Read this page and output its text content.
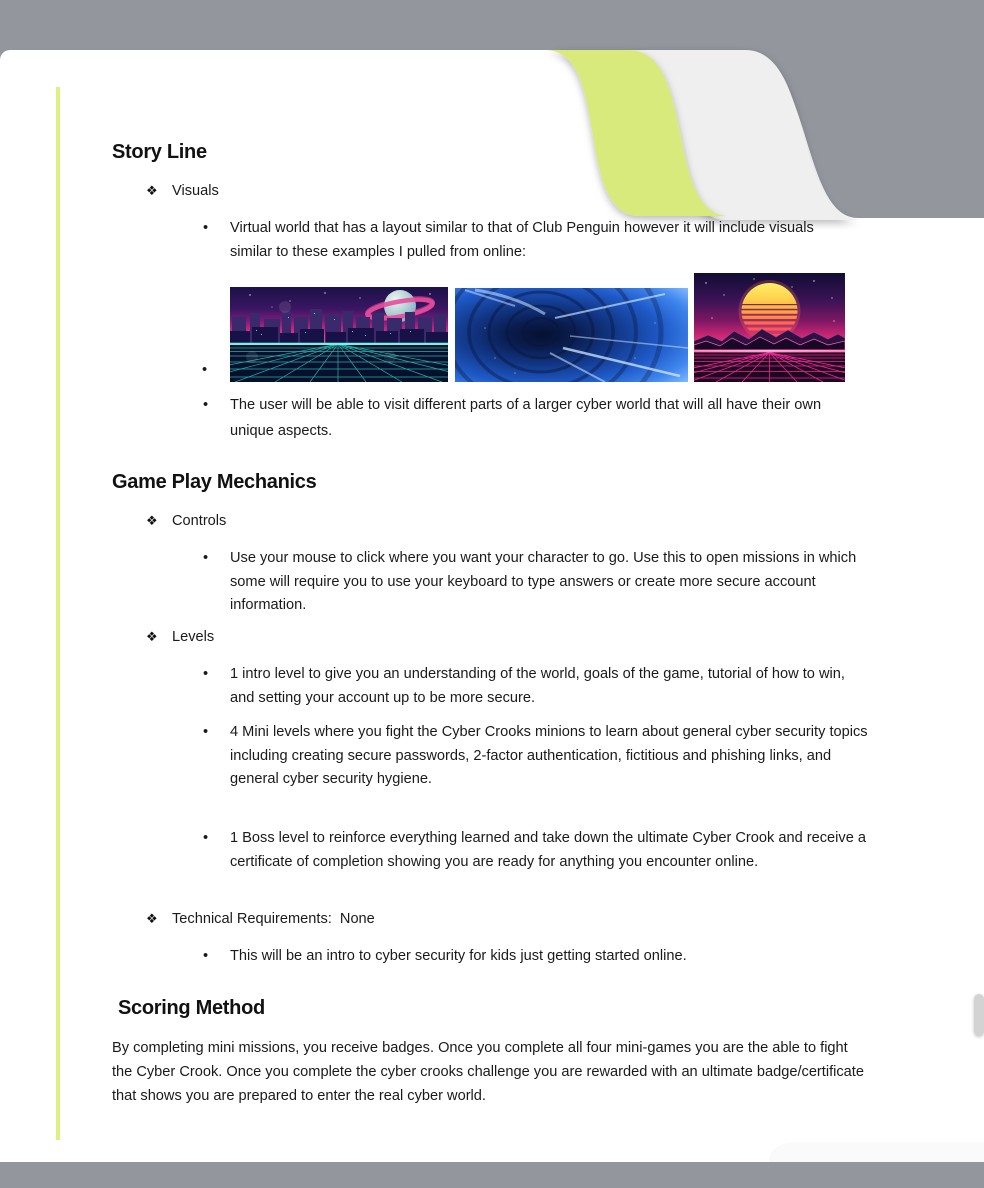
Story Line
❖ Visuals
•	Virtual world that has a layout similar to that of Club Penguin however it will include visuals similar to these examples I pulled from online:
•
•	The user will be able to visit different parts of a larger cyber world that will all have their own unique aspects.
Game Play Mechanics
❖ Controls
•	Use your mouse to click where you want your character to go. Use this to open missions in which some will require you to use your keyboard to type answers or create more secure account information.
❖ Levels
•	1 intro level to give you an understanding of the world, goals of the game, tutorial of how to win, and setting your account up to be more secure.
•	4 Mini levels where you fight the Cyber Crooks minions to learn about general cyber security topics including creating secure passwords, 2-factor authentication, fictitious and phishing links, and general cyber security hygiene.
•	1 Boss level to reinforce everything learned and take down the ultimate Cyber Crook and receive a certificate of completion showing you are ready for anything you encounter online.
❖ Technical Requirements:  None
•	This will be an intro to cyber security for kids just getting started online.
Scoring Method
By completing mini missions, you receive badges. Once you complete all four mini-games you are the able to fight the Cyber Crook. Once you complete the cyber crooks challenge you are rewarded with an ultimate badge/certificate that shows you are prepared to enter the real cyber world.
